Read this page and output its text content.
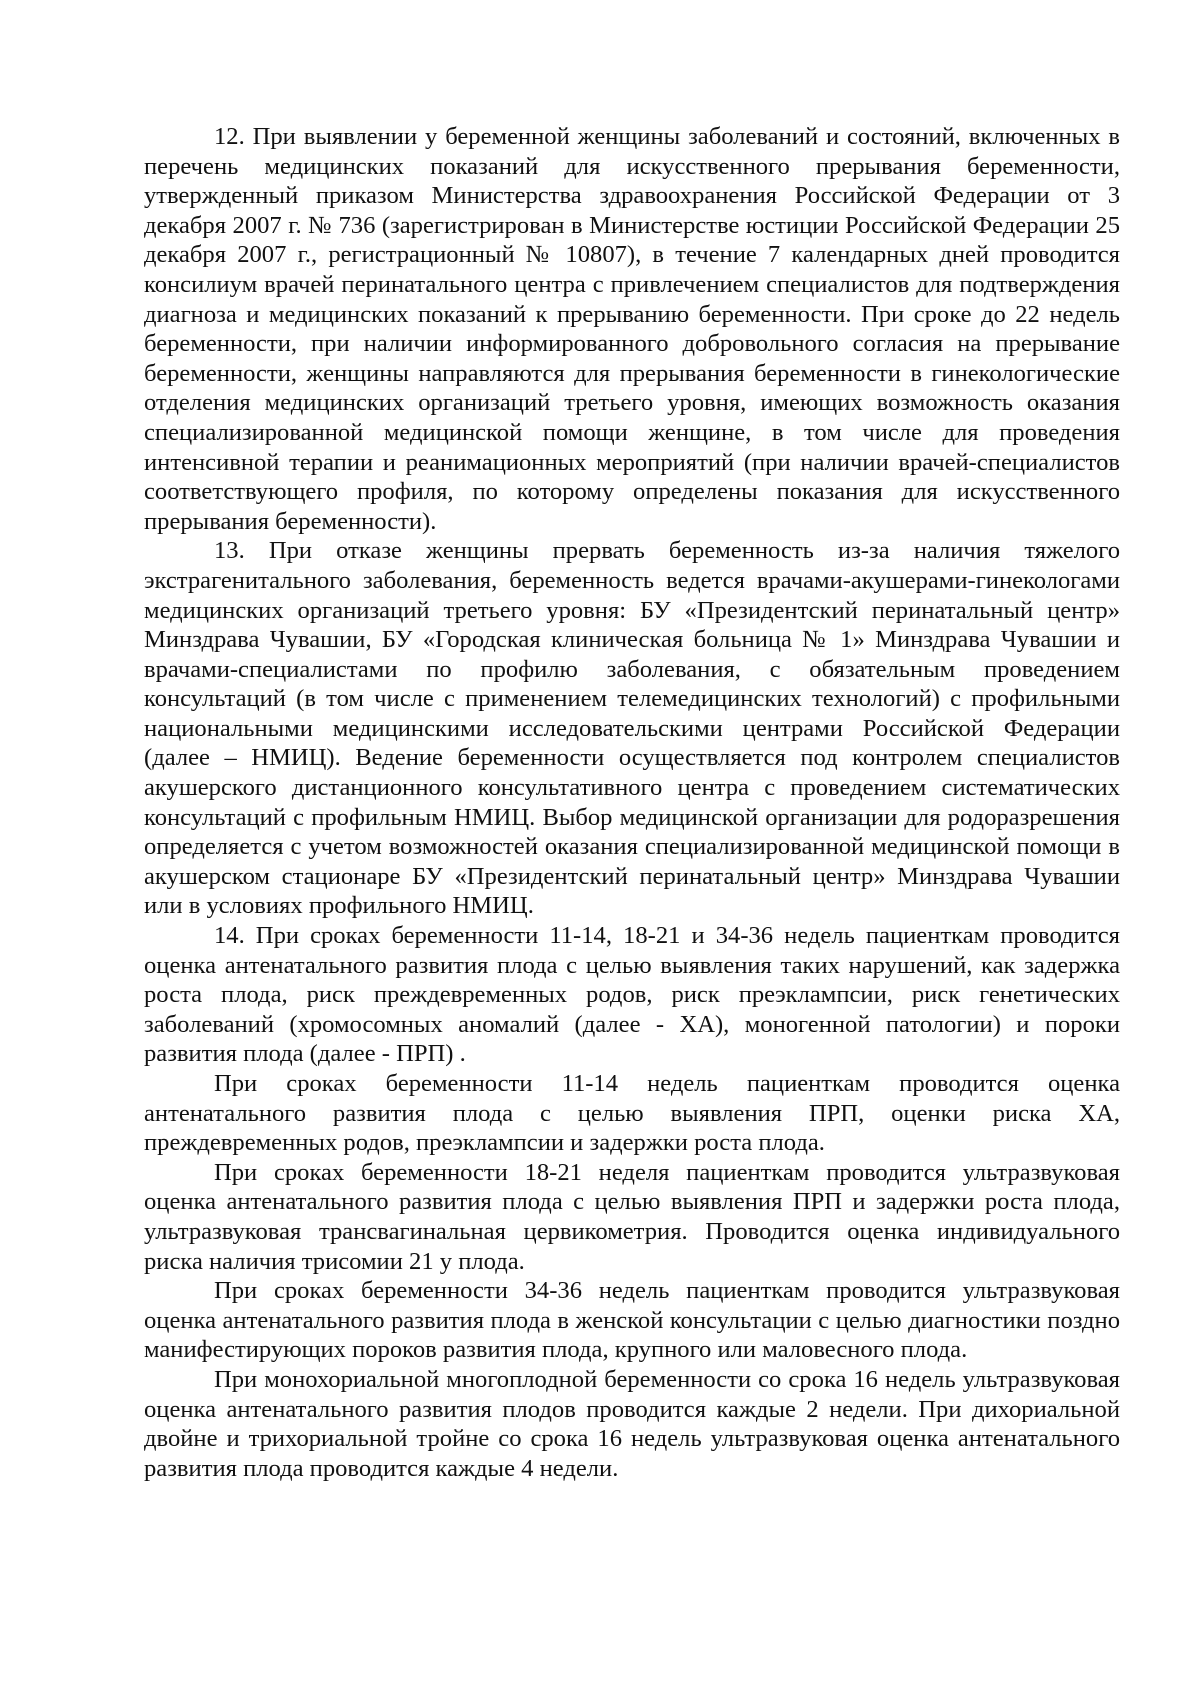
12. При выявлении у беременной женщины заболеваний и состояний, включенных в перечень медицинских показаний для искусственного прерывания беременности, утвержденный приказом Министерства здравоохранения Российской Федерации от 3 декабря 2007 г. № 736 (зарегистрирован в Министерстве юстиции Российской Федерации 25 декабря 2007 г., регистрационный № 10807), в течение 7 календарных дней проводится консилиум врачей перинатального центра с привлечением специалистов для подтверждения диагноза и медицинских показаний к прерыванию беременности. При сроке до 22 недель беременности, при наличии информированного добровольного согласия на прерывание беременности, женщины направляются для прерывания беременности в гинекологические отделения медицинских организаций третьего уровня, имеющих возможность оказания специализированной медицинской помощи женщине, в том числе для проведения интенсивной терапии и реанимационных мероприятий (при наличии врачей-специалистов соответствующего профиля, по которому определены показания для искусственного прерывания беременности).

13. При отказе женщины прервать беременность из-за наличия тяжелого экстрагенитального заболевания, беременность ведется врачами-акушерами-гинекологами медицинских организаций третьего уровня: БУ «Президентский перинатальный центр» Минздрава Чувашии, БУ «Городская клиническая больница № 1» Минздрава Чувашии и врачами-специалистами по профилю заболевания, с обязательным проведением консультаций (в том числе с применением телемедицинских технологий) с профильными национальными медицинскими исследовательскими центрами Российской Федерации (далее – НМИЦ). Ведение беременности осуществляется под контролем специалистов акушерского дистанционного консультативного центра с проведением систематических консультаций с профильным НМИЦ. Выбор медицинской организации для родоразрешения определяется с учетом возможностей оказания специализированной медицинской помощи в акушерском стационаре БУ «Президентский перинатальный центр» Минздрава Чувашии или в условиях профильного НМИЦ.

14. При сроках беременности 11-14, 18-21 и 34-36 недель пациенткам проводится оценка антенатального развития плода с целью выявления таких нарушений, как задержка роста плода, риск преждевременных родов, риск преэклампсии, риск генетических заболеваний (хромосомных аномалий (далее - ХА), моногенной патологии) и пороки развития плода (далее - ПРП) .

При сроках беременности 11-14 недель пациенткам проводится оценка антенатального развития плода с целью выявления ПРП, оценки риска ХА, преждевременных родов, преэклампсии и задержки роста плода.

При сроках беременности 18-21 неделя пациенткам проводится ультразвуковая оценка антенатального развития плода с целью выявления ПРП и задержки роста плода, ультразвуковая трансвагинальная цервикометрия. Проводится оценка индивидуального риска наличия трисомии 21 у плода.

При сроках беременности 34-36 недель пациенткам проводится ультразвуковая оценка антенатального развития плода в женской консультации с целью диагностики поздно манифестирующих пороков развития плода, крупного или маловесного плода.

При монохориальной многоплодной беременности со срока 16 недель ультразвуковая оценка антенатального развития плодов проводится каждые 2 недели. При дихориальной двойне и трихориальной тройне со срока 16 недель ультразвуковая оценка антенатального развития плода проводится каждые 4 недели.
